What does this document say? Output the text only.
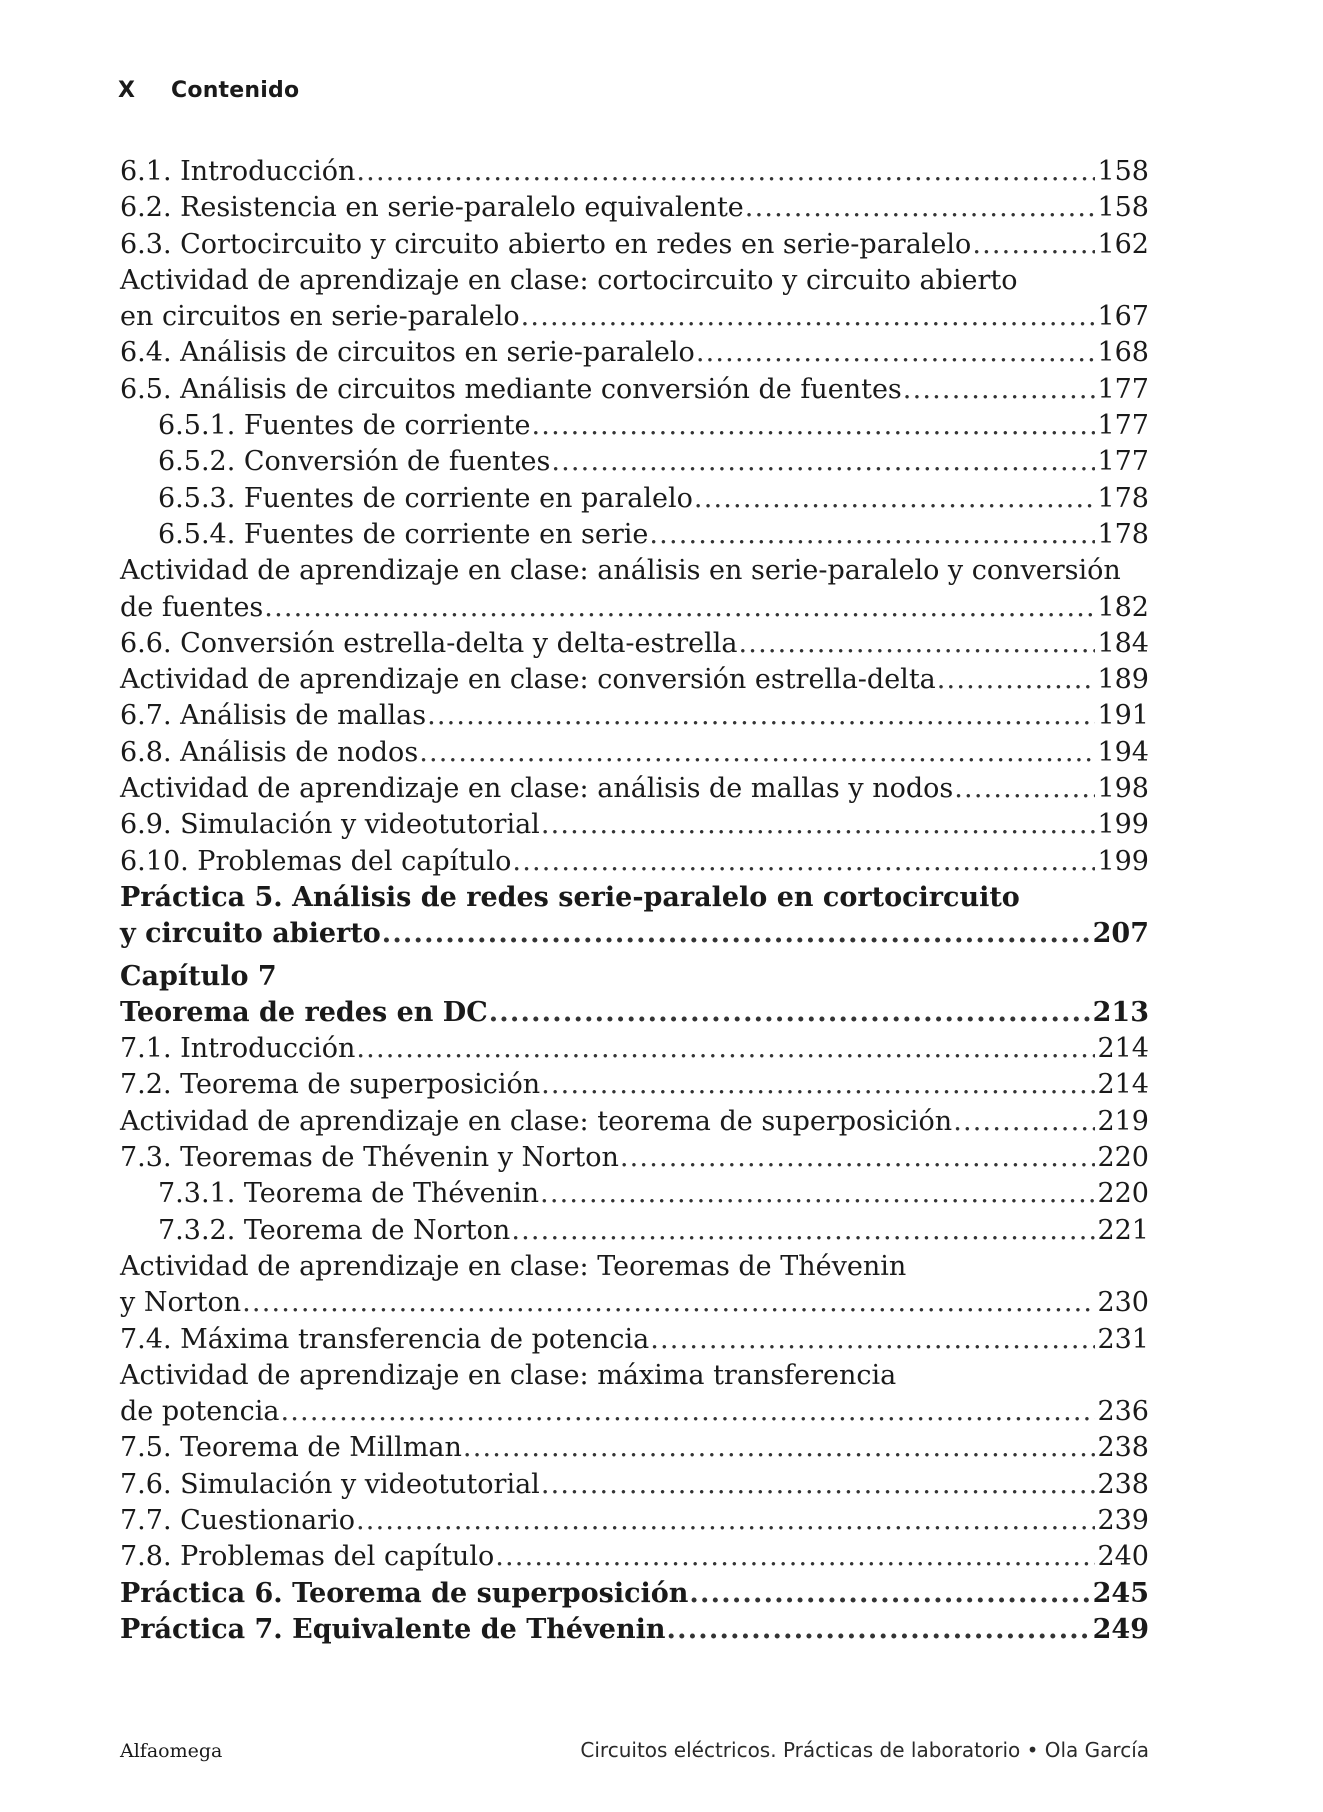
X Contenido
6.1. Introducción .....	158
6.2. Resistencia en serie-paralelo equivalente .....	158
6.3. Cortocircuito y circuito abierto en redes en serie-paralelo .....	162
Actividad de aprendizaje en clase: cortocircuito y circuito abierto
en circuitos en serie-paralelo .....	167
6.4. Análisis de circuitos en serie-paralelo .....	168
6.5. Análisis de circuitos mediante conversión de fuentes .....	177
6.5.1. Fuentes de corriente .....	177
6.5.2. Conversión de fuentes .....	177
6.5.3. Fuentes de corriente en paralelo .....	178
6.5.4. Fuentes de corriente en serie .....	178
Actividad de aprendizaje en clase: análisis en serie-paralelo y conversión
de fuentes .....	182
6.6. Conversión estrella-delta y delta-estrella .....	184
Actividad de aprendizaje en clase: conversión estrella-delta .....	189
6.7. Análisis de mallas .....	191
6.8. Análisis de nodos .....	194
Actividad de aprendizaje en clase: análisis de mallas y nodos .....	198
6.9. Simulación y videotutorial .....	199
6.10. Problemas del capítulo .....	199
Práctica 5. Análisis de redes serie-paralelo en cortocircuito
y circuito abierto .....	207
Capítulo 7
Teorema de redes en DC .....	213
7.1. Introducción .....	214
7.2. Teorema de superposición .....	214
Actividad de aprendizaje en clase: teorema de superposición .....	219
7.3. Teoremas de Thévenin y Norton .....	220
7.3.1. Teorema de Thévenin .....	220
7.3.2. Teorema de Norton .....	221
Actividad de aprendizaje en clase: Teoremas de Thévenin
y Norton .....	230
7.4. Máxima transferencia de potencia .....	231
Actividad de aprendizaje en clase: máxima transferencia
de potencia .....	236
7.5. Teorema de Millman .....	238
7.6. Simulación y videotutorial .....	238
7.7. Cuestionario .....	239
7.8. Problemas del capítulo .....	240
Práctica 6. Teorema de superposición .....	245
Práctica 7. Equivalente de Thévenin .....	249
Alfaomega	Circuitos eléctricos. Prácticas de laboratorio • Ola García
